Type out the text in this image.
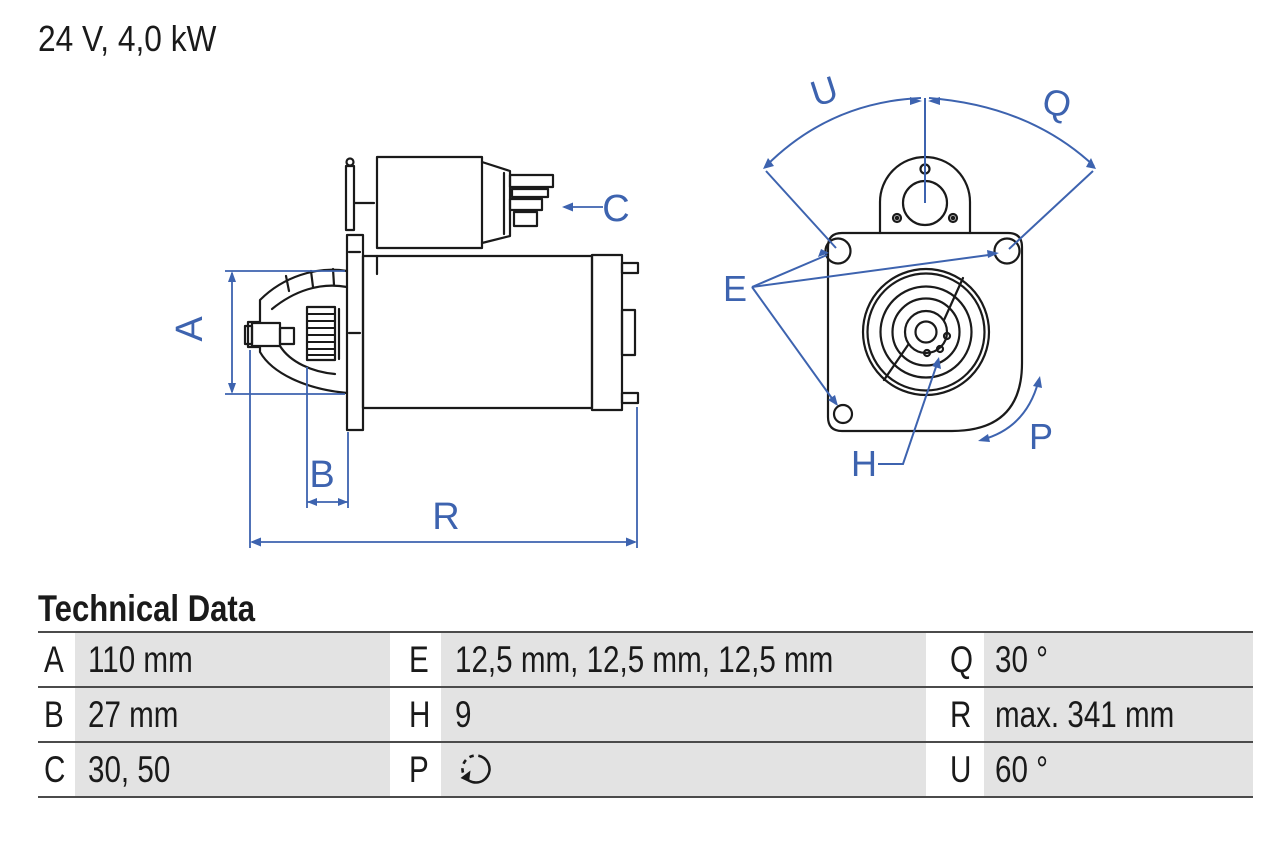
24 V, 4,0 kW
A
B
R
C
U	Q
E
H
P
Technical Data
A 110 mm	E 12,5 mm, 12,5 mm, 12,5 mm	Q 30 °
B 27 mm	H 9	R max. 341 mm
C 30, 50	P	U 60 °
